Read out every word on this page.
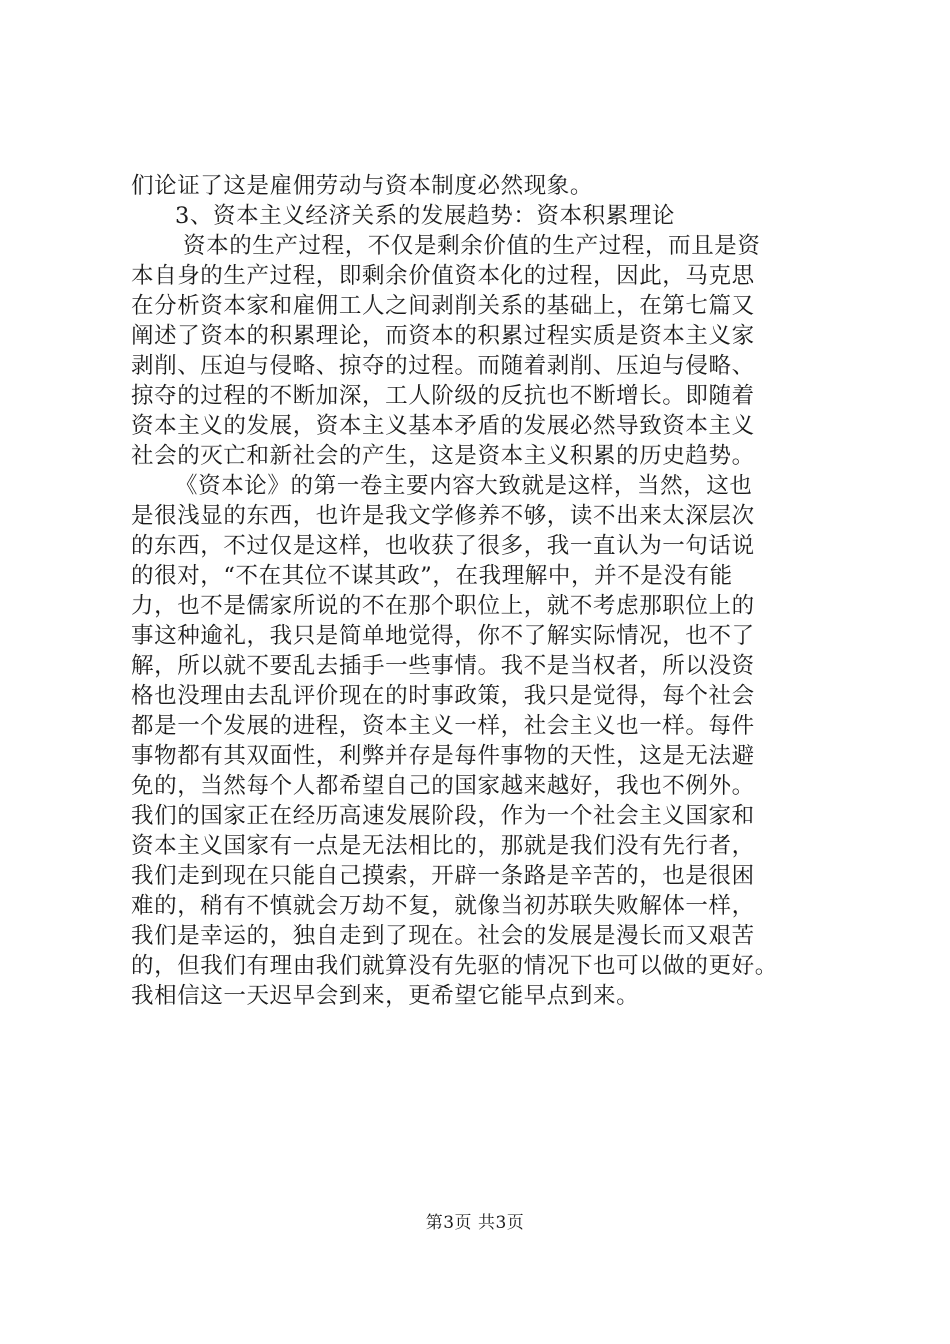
们论证了这是雇佣劳动与资本制度必然现象。
3、资本主义经济关系的发展趋势：资本积累理论
资本的生产过程，不仅是剩余价值的生产过程，而且是资
本自身的生产过程，即剩余价值资本化的过程，因此，马克思
在分析资本家和雇佣工人之间剥削关系的基础上，在第七篇又
阐述了资本的积累理论，而资本的积累过程实质是资本主义家
剥削、压迫与侵略、掠夺的过程。而随着剥削、压迫与侵略、
掠夺的过程的不断加深，工人阶级的反抗也不断增长。即随着
资本主义的发展，资本主义基本矛盾的发展必然导致资本主义
社会的灭亡和新社会的产生，这是资本主义积累的历史趋势。
《资本论》的第一卷主要内容大致就是这样，当然，这也
是很浅显的东西，也许是我文学修养不够，读不出来太深层次
的东西，不过仅是这样，也收获了很多，我一直认为一句话说
的很对，“不在其位不谋其政”，在我理解中，并不是没有能
力，也不是儒家所说的不在那个职位上，就不考虑那职位上的
事这种逾礼，我只是简单地觉得，你不了解实际情况，也不了
解，所以就不要乱去插手一些事情。我不是当权者，所以没资
格也没理由去乱评价现在的时事政策，我只是觉得，每个社会
都是一个发展的进程，资本主义一样，社会主义也一样。每件
事物都有其双面性，利弊并存是每件事物的天性，这是无法避
免的，当然每个人都希望自己的国家越来越好，我也不例外。
我们的国家正在经历高速发展阶段，作为一个社会主义国家和
资本主义国家有一点是无法相比的，那就是我们没有先行者，
我们走到现在只能自己摸索，开辟一条路是辛苦的，也是很困
难的，稍有不慎就会万劫不复，就像当初苏联失败解体一样，
我们是幸运的，独自走到了现在。社会的发展是漫长而又艰苦
的，但我们有理由我们就算没有先驱的情况下也可以做的更好。
我相信这一天迟早会到来，更希望它能早点到来。
第3页 共3页
